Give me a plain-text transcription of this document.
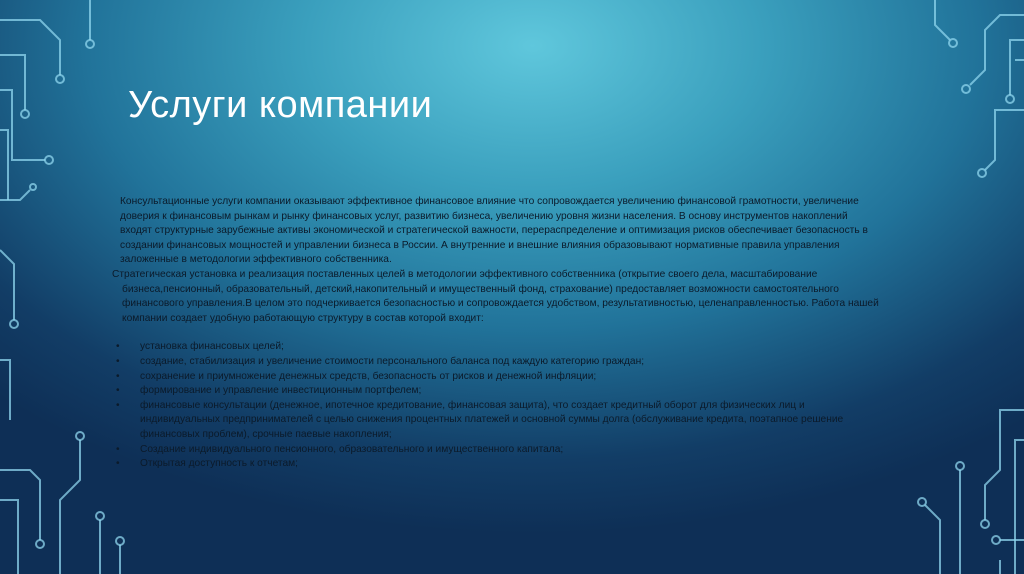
Услуги компании
Консультационные услуги компании оказывают эффективное финансовое влияние что сопровождается увеличению финансовой грамотности, увеличение
доверия к финансовым рынкам и рынку финансовых услуг, развитию бизнеса, увеличению уровня жизни населения. В основу инструментов накоплений
входят структурные зарубежные активы экономической и стратегической важности, перераспределение и оптимизация рисков обеспечивает безопасность в
создании финансовых мощностей и управлении бизнеса в России. А внутренние и внешние влияния образовывают нормативные правила управления
заложенные в методологии эффективного собственника.
Стратегическая установка и реализация поставленных целей в методологии эффективного собственника (открытие своего дела, масштабирование
бизнеса,пенсионный, образовательный, детский,накопительный и имущественный фонд, страхование) предоставляет возможности самостоятельного
финансового управления.В целом это подчеркивается безопасностью и сопровождается удобством, результативностью, целенаправленностью. Работа нашей
компании создает удобную работающую структуру в состав которой входит:
• установка финансовых целей;
• создание, стабилизация и увеличение стоимости персонального баланса под каждую категорию граждан;
• сохранение и приумножение денежных средств, безопасность от рисков и денежной инфляции;
• формирование и управление инвестиционным портфелем;
• финансовые консультации (денежное, ипотечное кредитование, финансовая защита), что создает кредитный оборот для физических лиц и
индивидуальных предпринимателей с целью снижения процентных платежей и основной суммы долга (обслуживание кредита, поэтапное решение
финансовых проблем), срочные паевые накопления;
• Создание индивидуального пенсионного, образовательного и имущественного капитала;
• Открытая доступность к отчетам;
